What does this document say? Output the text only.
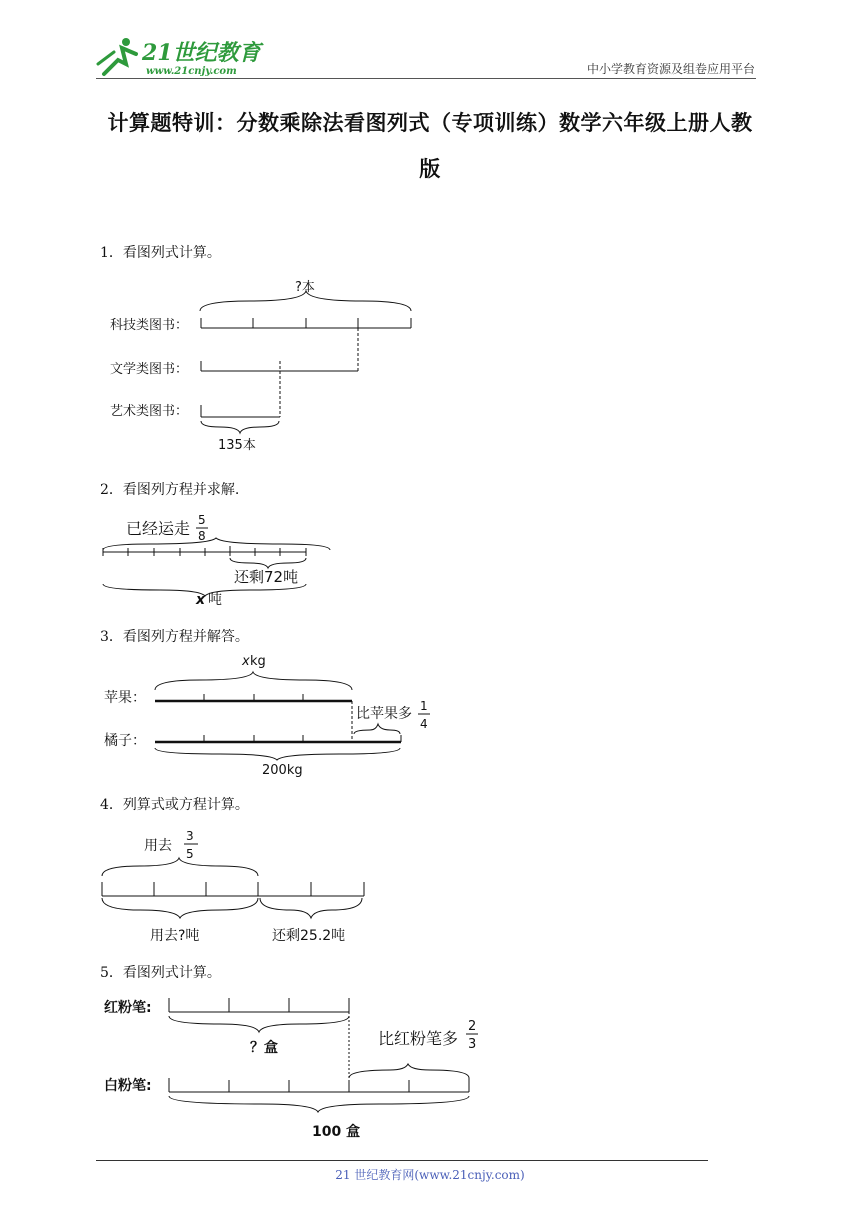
21世纪教育
www.21cnjy.com	中小学教育资源及组卷应用平台
计算题特训：分数乘除法看图列式（专项训练）数学六年级上册人教
版
1．看图列式计算。
?本
科技类图书：
文学类图书：
艺术类图书：
135本
2．看图列方程并求解.
已经运走 5
8
还剩72吨
x 吨
3．看图列方程并解答。
x kg
苹果：
比苹果多 1
4
橘子：
200kg
4．列算式或方程计算。
用去
3
5
用去?吨	还剩25.2吨
5．看图列式计算。
红粉笔:
？盒	比红粉笔多
2
3
白粉笔:
100 盒
21 世纪教育网(www.21cnjy.com)
